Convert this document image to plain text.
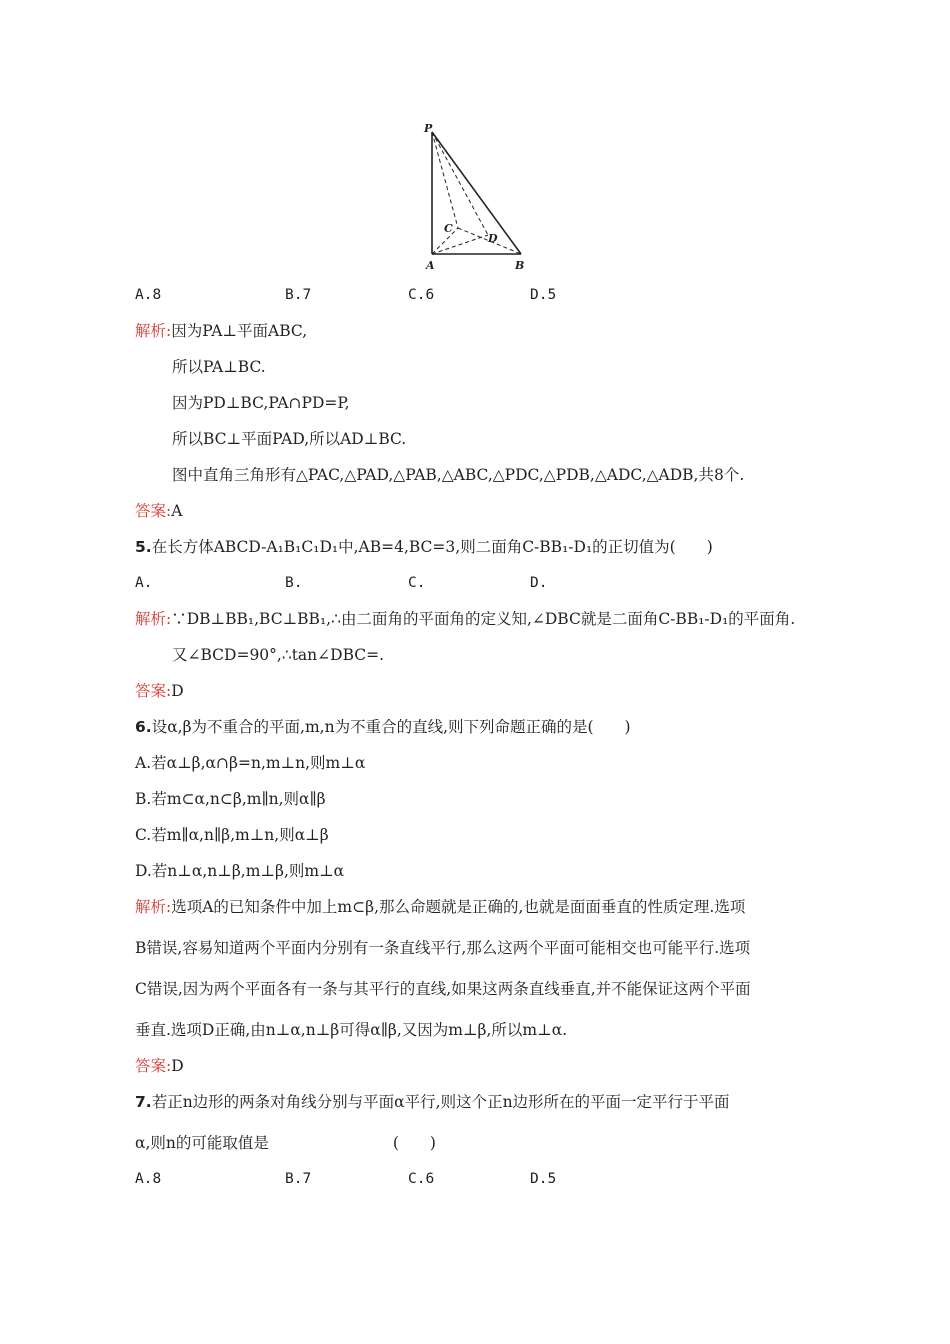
P
C
D
A	B
A.8	B.7	C.6	D.5
解析:因为PA⊥平面ABC,
所以PA⊥BC.
因为PD⊥BC,PA∩PD=P,
所以BC⊥平面PAD,所以AD⊥BC.
图中直角三角形有△PAC,△PAD,△PAB,△ABC,△PDC,△PDB,△ADC,△ADB,共8个.
答案:A
5.在长方体ABCD-A₁B₁C₁D₁中,AB=4,BC=3,则二面角C-BB₁-D₁的正切值为(　　)
A.	B.	C.	D.
解析:∵DB⊥BB₁,BC⊥BB₁,∴由二面角的平面角的定义知,∠DBC就是二面角C-BB₁-D₁的平面角.
又∠BCD=90°,∴tan∠DBC=.
答案:D
6.设α,β为不重合的平面,m,n为不重合的直线,则下列命题正确的是(　　)
A.若α⊥β,α∩β=n,m⊥n,则m⊥α
B.若m⊂α,n⊂β,m∥n,则α∥β
C.若m∥α,n∥β,m⊥n,则α⊥β
D.若n⊥α,n⊥β,m⊥β,则m⊥α
解析:选项A的已知条件中加上m⊂β,那么命题就是正确的,也就是面面垂直的性质定理.选项
B错误,容易知道两个平面内分别有一条直线平行,那么这两个平面可能相交也可能平行.选项
C错误,因为两个平面各有一条与其平行的直线,如果这两条直线垂直,并不能保证这两个平面
垂直.选项D正确,由n⊥α,n⊥β可得α∥β,又因为m⊥β,所以m⊥α.
答案:D
7.若正n边形的两条对角线分别与平面α平行,则这个正n边形所在的平面一定平行于平面
α,则n的可能取值是　　　　　　　　(　　)
A.8	B.7	C.6	D.5
